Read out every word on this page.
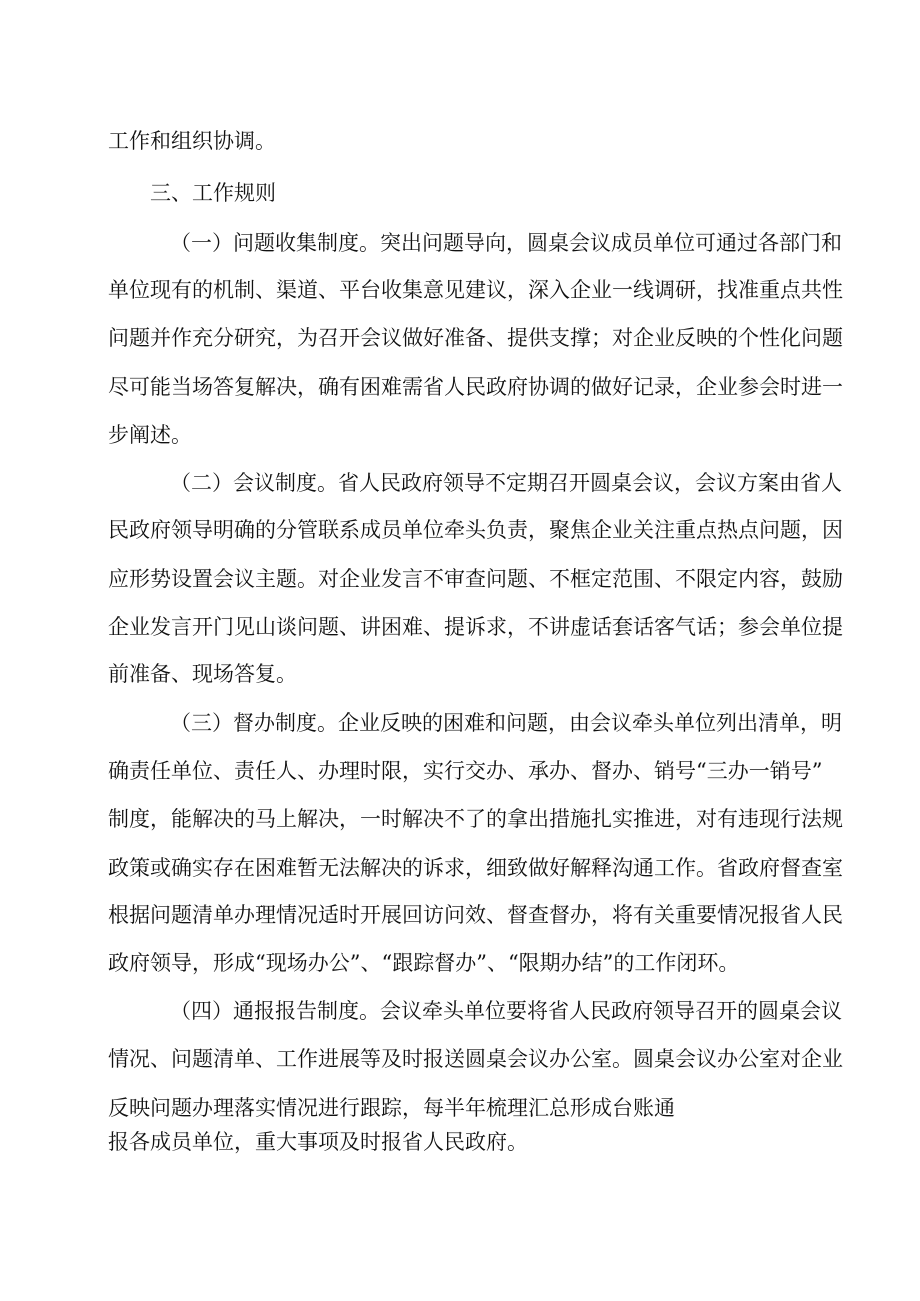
工作和组织协调。
三、工作规则
（一）问题收集制度。突出问题导向，圆桌会议成员单位可通过各部门和
单位现有的机制、渠道、平台收集意见建议，深入企业一线调研，找准重点共性
问题并作充分研究，为召开会议做好准备、提供支撑；对企业反映的个性化问题
尽可能当场答复解决，确有困难需省人民政府协调的做好记录，企业参会时进一
步阐述。
（二）会议制度。省人民政府领导不定期召开圆桌会议，会议方案由省人
民政府领导明确的分管联系成员单位牵头负责，聚焦企业关注重点热点问题，因
应形势设置会议主题。对企业发言不审查问题、不框定范围、不限定内容，鼓励
企业发言开门见山谈问题、讲困难、提诉求，不讲虚话套话客气话；参会单位提
前准备、现场答复。
（三）督办制度。企业反映的困难和问题，由会议牵头单位列出清单，明
确责任单位、责任人、办理时限，实行交办、承办、督办、销号“三办一销号”
制度，能解决的马上解决，一时解决不了的拿出措施扎实推进，对有违现行法规
政策或确实存在困难暂无法解决的诉求，细致做好解释沟通工作。省政府督查室
根据问题清单办理情况适时开展回访问效、督查督办，将有关重要情况报省人民
政府领导，形成“现场办公”、“跟踪督办”、“限期办结”的工作闭环。
（四）通报报告制度。会议牵头单位要将省人民政府领导召开的圆桌会议
情况、问题清单、工作进展等及时报送圆桌会议办公室。圆桌会议办公室对企业
反映问题办理落实情况进行跟踪，每半年梳理汇总形成台账通
报各成员单位，重大事项及时报省人民政府。
